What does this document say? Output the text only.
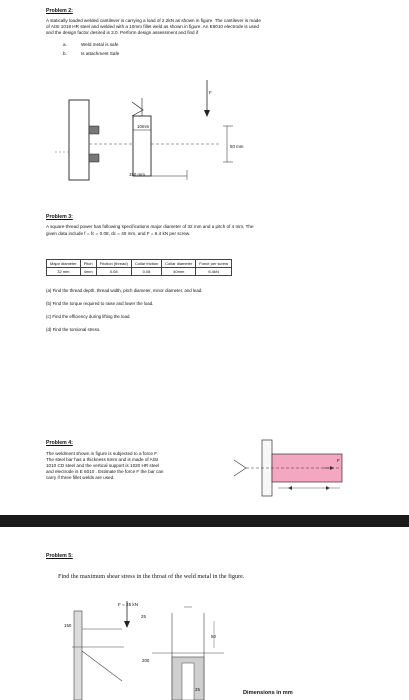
Problem 2:
A statically loaded welded cantilever is carrying a load of 2.2kN as shown in figure. The cantilever is made
of AISI 1018 HR steel and welded with a 10mm fillet weld as shown in figure. An E6010 electrode is used
and the design factor desired is 3.0. Perform design assessment and find if
a.	Weld metal is safe
b.	Is attachment Safe
10mm
F
50 mm
150 mm
Problem 3:
A square-thread power has following specifications major diameter of 32 mm and a pitch of 4 mm, The
given data include f = fc = 0.08, dc = 40 mm, and F = 6.4 kN per screw.
Major diameter	Pitch	Friction (thread)	Collar friction	Collar diameter	Force per screw
32 mm	4mm	0.08	0.08	40mm	6.4kN
(a) Find the thread depth, thread width, pitch diameter, minor diameter, and lead.
(b) Find the torque required to raise and lower the load.
(c) Find the efficiency during lifting the load.
(d) Find the torsional stress.
Problem 4:
The weldment shown in figure is subjected to a force F.
The steel bar has a thickness 5mm and is made of AISI
1010 CD steel and the vertical support is 1020 HR steel
and electrode is E 6010 . Estimate the force F the bar can
carry if three fillet welds are used.
F
Problem 5:
Find the maximum shear stress in the throat of the weld metal in the figure.
F = 25 kN
150
25
50
200
25
Dimensions in mm
